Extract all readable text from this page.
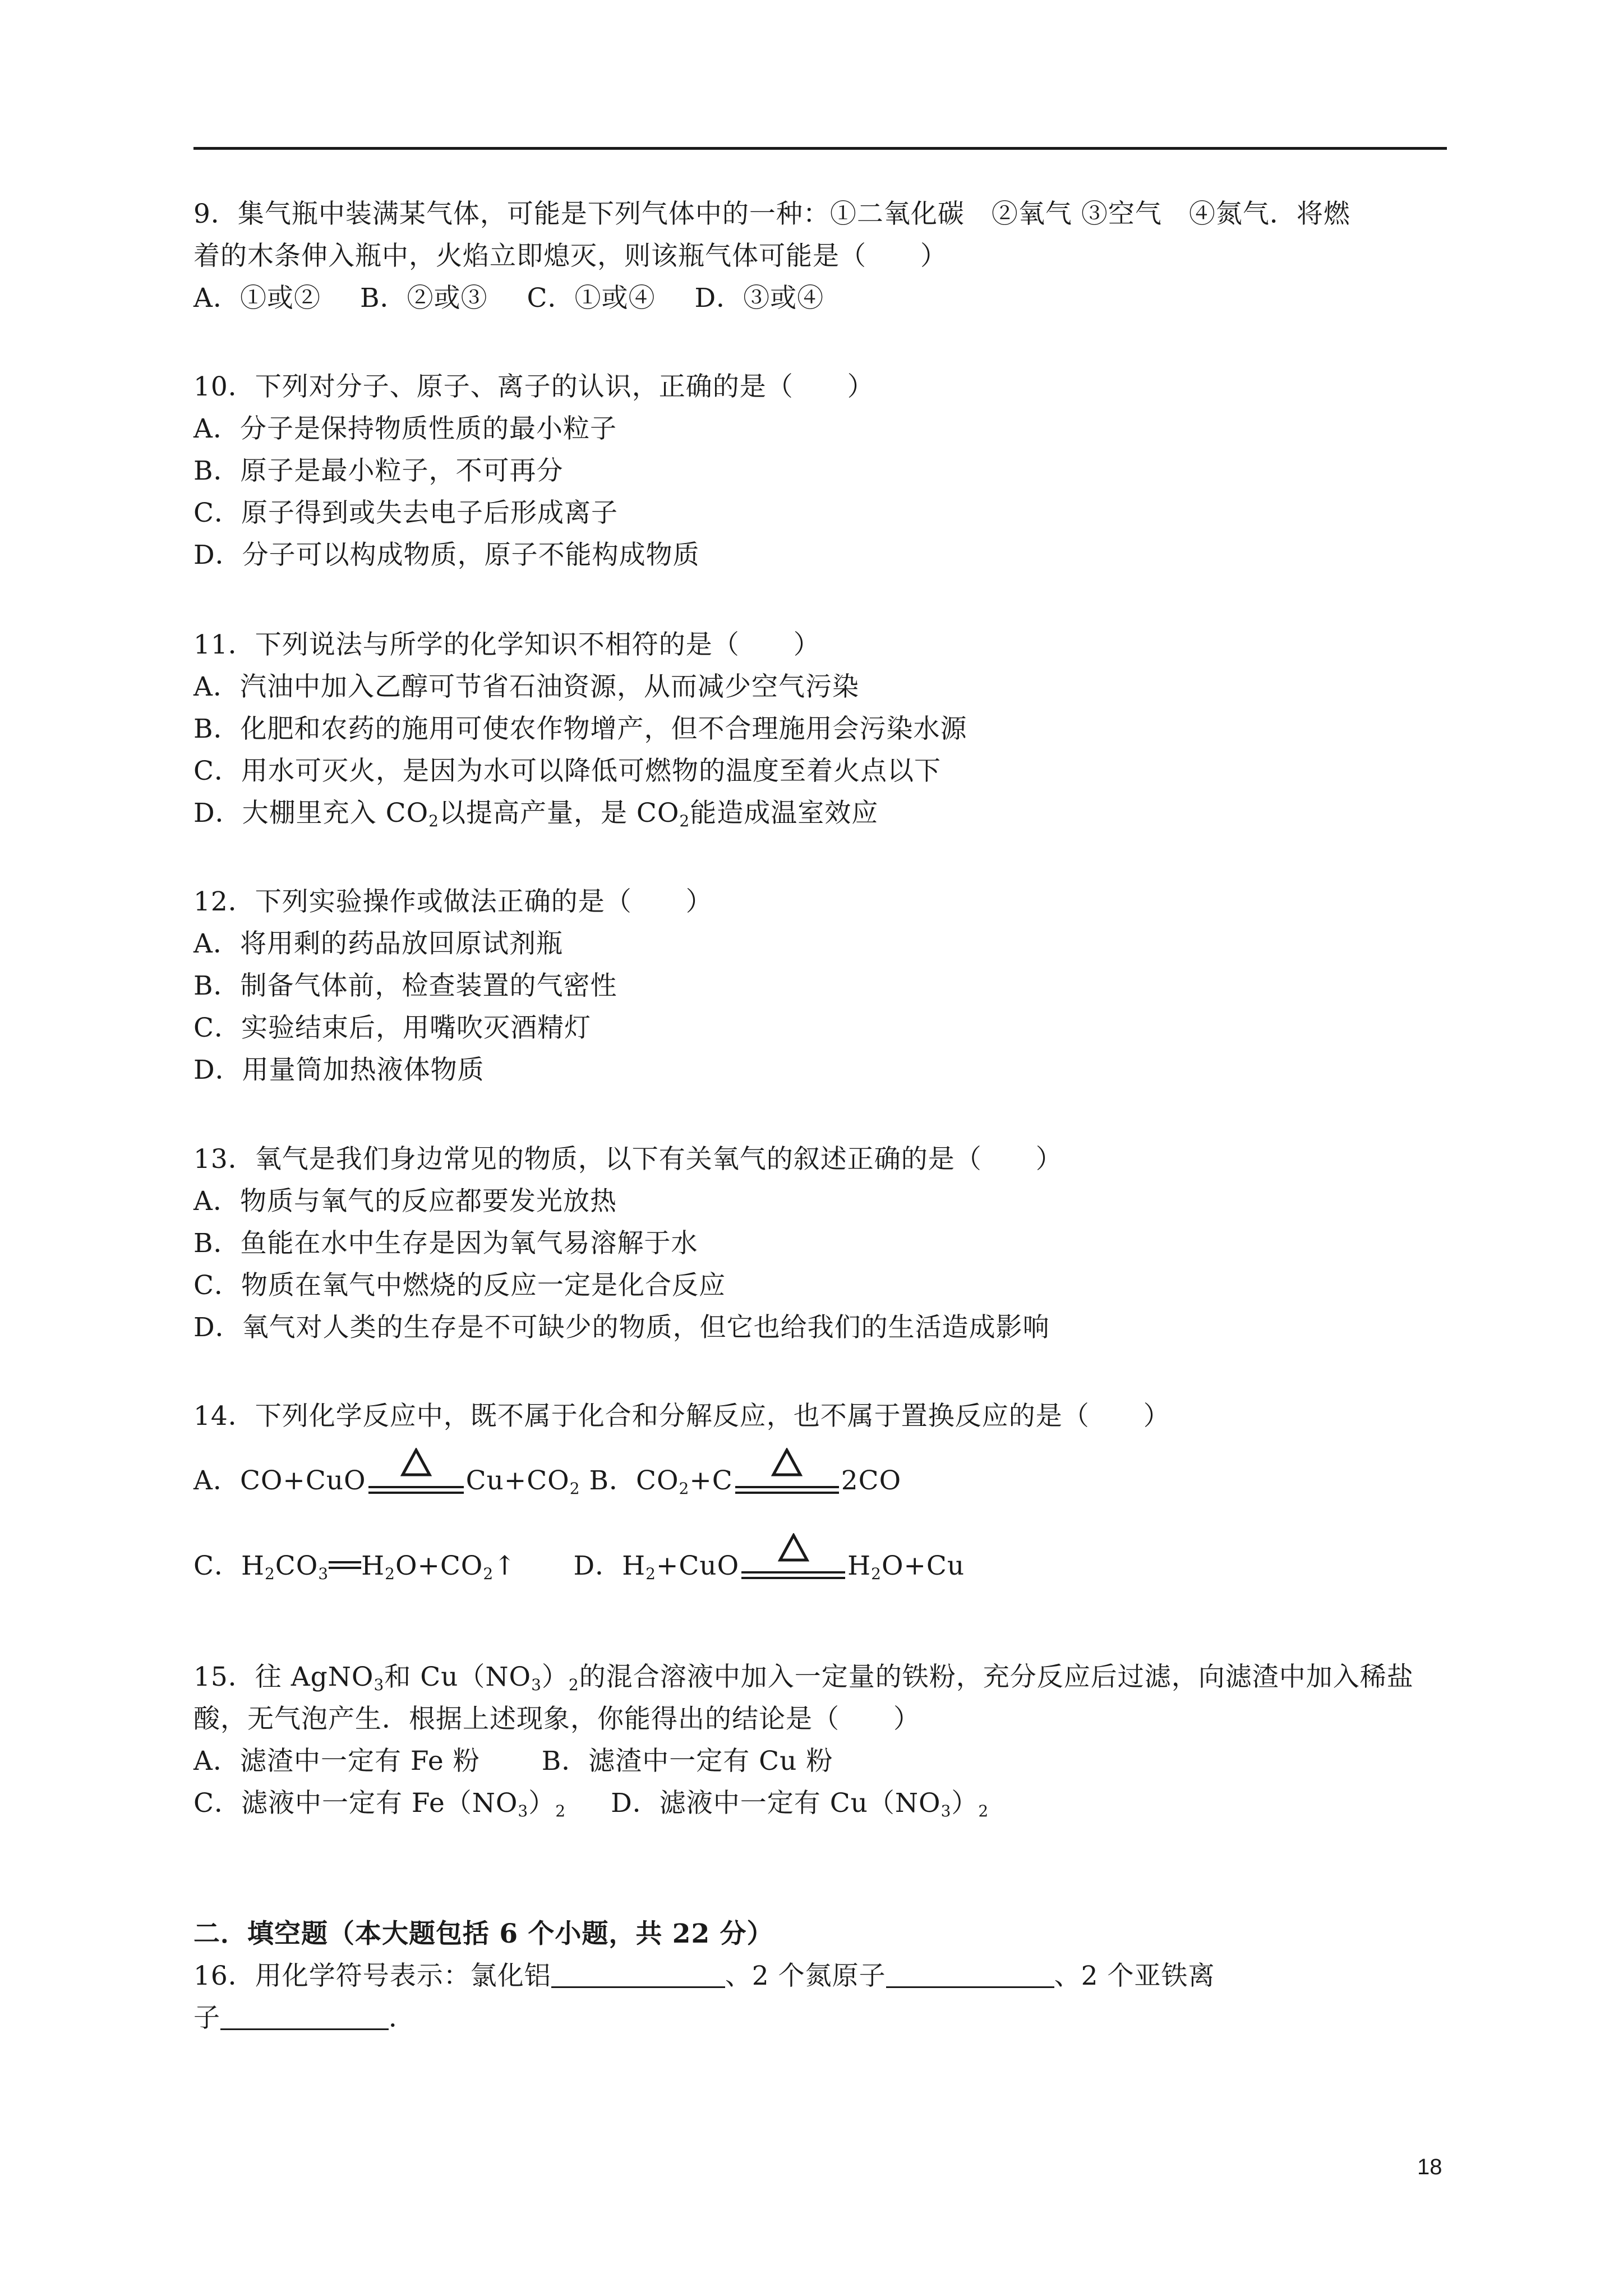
9．集气瓶中装满某气体，可能是下列气体中的一种：①二氧化碳　②氧气 ③空气　④氮气．将燃
着的木条伸入瓶中，火焰立即熄灭，则该瓶气体可能是（　　）
A．①或② B．②或③ C．①或④ D．③或④
10．下列对分子、原子、离子的认识，正确的是（　　）
A．分子是保持物质性质的最小粒子
B．原子是最小粒子，不可再分
C．原子得到或失去电子后形成离子
D．分子可以构成物质，原子不能构成物质
11．下列说法与所学的化学知识不相符的是（　　）
A．汽油中加入乙醇可节省石油资源，从而减少空气污染
B．化肥和农药的施用可使农作物增产，但不合理施用会污染水源
C．用水可灭火，是因为水可以降低可燃物的温度至着火点以下
D．大棚里充入 $CO_2$以提高产量，是 $CO_2$能造成温室效应
12．下列实验操作或做法正确的是（　　）
A．将用剩的药品放回原试剂瓶
B．制备气体前，检查装置的气密性
C．实验结束后，用嘴吹灭酒精灯
D．用量筒加热液体物质
13．氧气是我们身边常见的物质，以下有关氧气的叙述正确的是（　　）
A．物质与氧气的反应都要发光放热
B．鱼能在水中生存是因为氧气易溶解于水
C．物质在氧气中燃烧的反应一定是化合反应
D．氧气对人类的生存是不可缺少的物质，但它也给我们的生活造成影响
14．下列化学反应中，既不属于化合和分解反应，也不属于置换反应的是（　　）
A．CO+CuO	$Cu+CO_2$ B．$CO_2+C$	2CO
C．$H_2CO_3$ $H_2O+CO_2↑$ D．$H_2+CuO$	$H_2O+Cu$
15．往 AgNO$_3$和 $Cu(NO_3)_2$的混合溶液中加入一定量的铁粉，充分反应后过滤，向滤渣中加入稀盐
酸，无气泡产生．根据上述现象，你能得出的结论是（　　）
A．滤渣中一定有 Fe 粉 B．滤渣中一定有 Cu 粉
C．滤液中一定有 $Fe(NO_3)_2$ D．滤液中一定有 $Cu(NO_3)_2$
二．填空题（本大题包括 6 个小题，共 22 分）
16．用化学符号表示：氯化铝	、2 个氮原子	、2 个亚铁离
子	．
18
